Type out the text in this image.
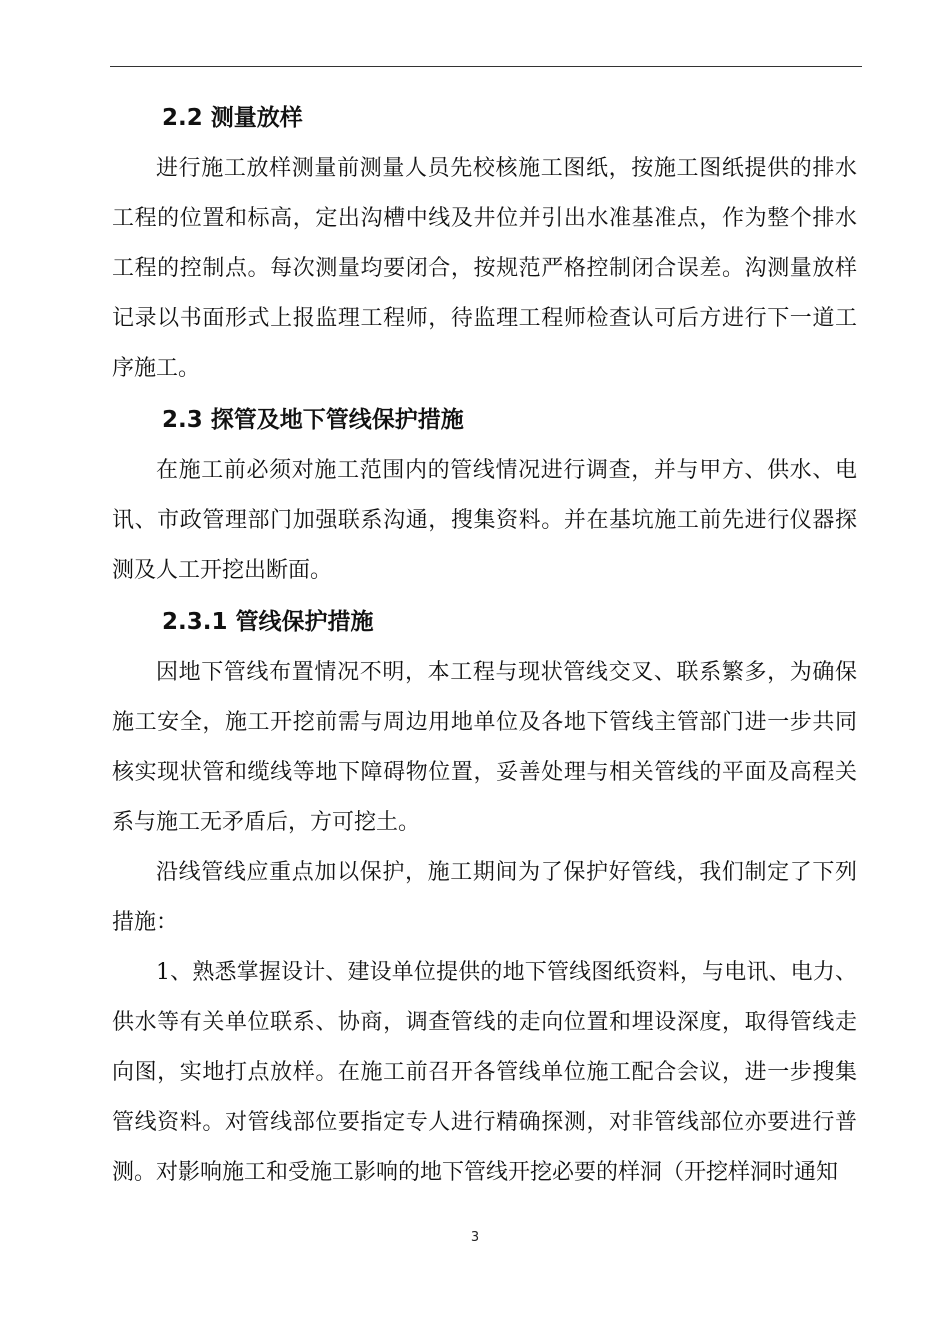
2.2 测量放样

进行施工放样测量前测量人员先校核施工图纸，按施工图纸提供的排水工程的位置和标高，定出沟槽中线及井位并引出水准基准点，作为整个排水工程的控制点。每次测量均要闭合，按规范严格控制闭合误差。沟测量放样记录以书面形式上报监理工程师，待监理工程师检查认可后方进行下一道工序施工。

2.3 探管及地下管线保护措施

在施工前必须对施工范围内的管线情况进行调查，并与甲方、供水、电讯、市政管理部门加强联系沟通，搜集资料。并在基坑施工前先进行仪器探测及人工开挖出断面。

2.3.1 管线保护措施

因地下管线布置情况不明，本工程与现状管线交叉、联系繁多，为确保施工安全，施工开挖前需与周边用地单位及各地下管线主管部门进一步共同核实现状管和缆线等地下障碍物位置，妥善处理与相关管线的平面及高程关系与施工无矛盾后，方可挖土。

沿线管线应重点加以保护，施工期间为了保护好管线，我们制定了下列措施：

1、熟悉掌握设计、建设单位提供的地下管线图纸资料，与电讯、电力、供水等有关单位联系、协商，调查管线的走向位置和埋设深度，取得管线走向图，实地打点放样。在施工前召开各管线单位施工配合会议，进一步搜集管线资料。对管线部位要指定专人进行精确探测，对非管线部位亦要进行普测。对影响施工和受施工影响的地下管线开挖必要的样洞（开挖样洞时通知

3
